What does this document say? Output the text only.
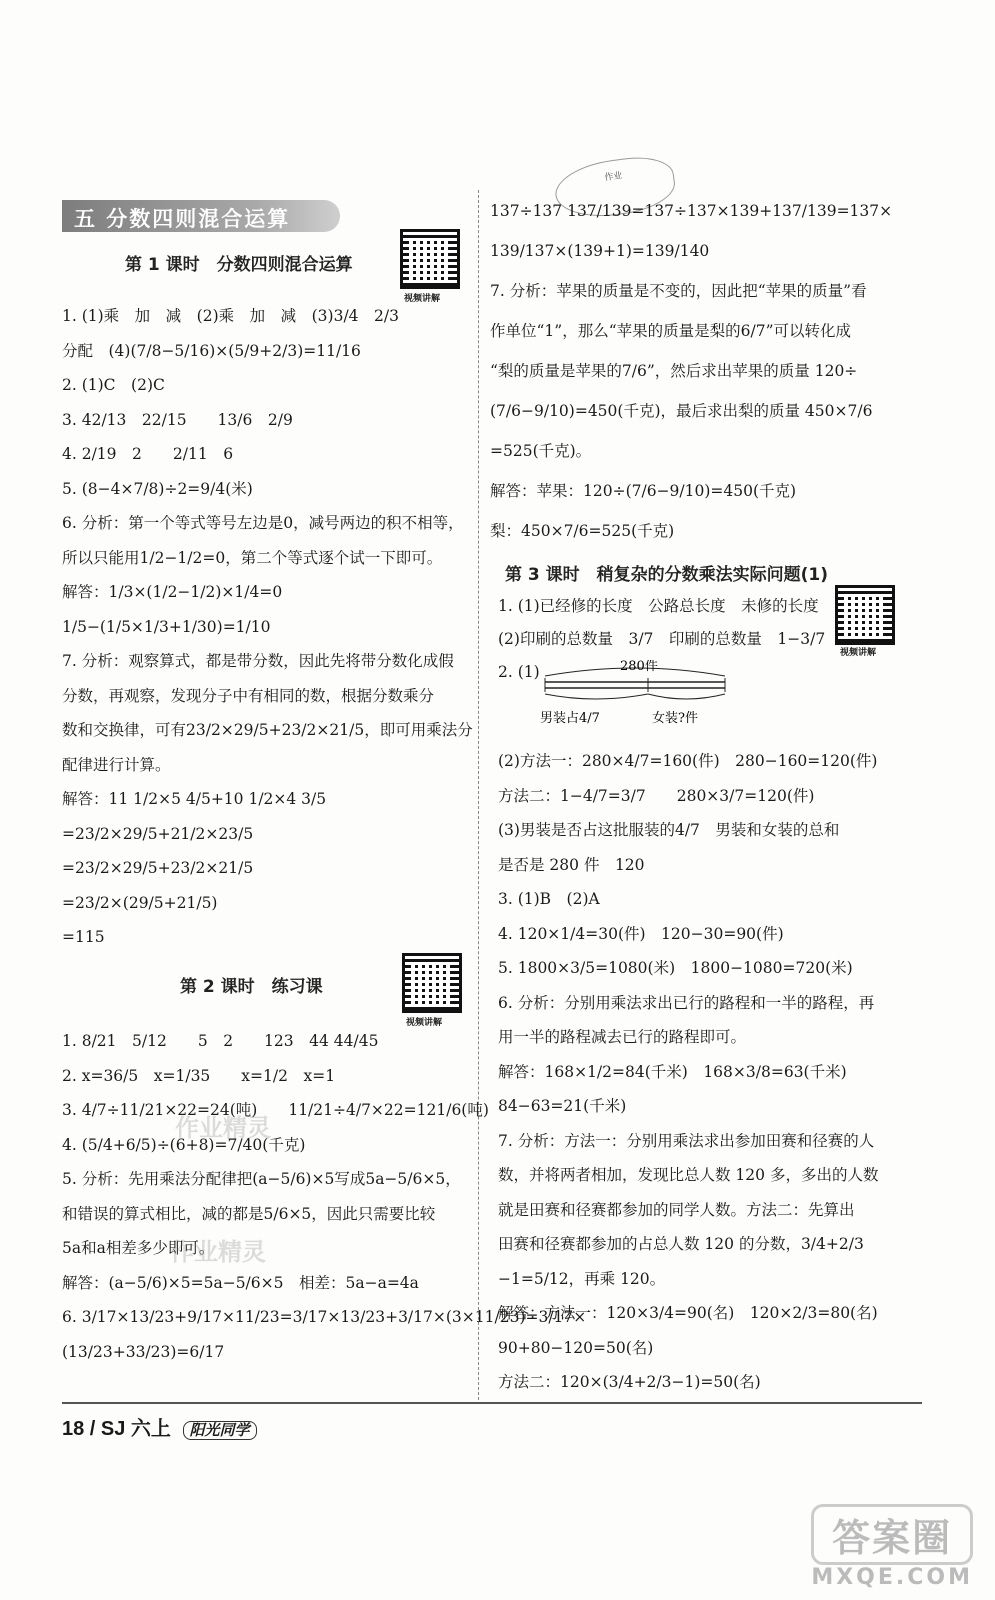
五 分数四则混合运算
视频讲解
视频讲解
视频讲解
作业
第 1 课时　分数四则混合运算
1. (1)乘　加　减　(2)乘　加　减　(3)3/4　2/3
分配　(4)(7/8−5/16)×(5/9+2/3)=11/16
2. (1)C　(2)C
3. 42/13　22/15　　13/6　2/9
4. 2/19　2　　2/11　6
5. (8−4×7/8)÷2=9/4(米)
6. 分析：第一个等式等号左边是0，减号两边的积不相等，
所以只能用1/2−1/2=0，第二个等式逐个试一下即可。
解答：1/3×(1/2−1/2)×1/4=0
1/5−(1/5×1/3+1/30)=1/10
7. 分析：观察算式，都是带分数，因此先将带分数化成假
分数，再观察，发现分子中有相同的数，根据分数乘分
数和交换律，可有23/2×29/5+23/2×21/5，即可用乘法分
配律进行计算。
解答：11 1/2×5 4/5+10 1/2×4 3/5
=23/2×29/5+21/2×23/5
=23/2×29/5+23/2×21/5
=23/2×(29/5+21/5)
=115
第 2 课时　练习课
1. 8/21　5/12　　5　2　　123　44 44/45
2. x=36/5　x=1/35　　x=1/2　x=1
3. 4/7÷11/21×22=24(吨)　　11/21÷4/7×22=121/6(吨)
4. (5/4+6/5)÷(6+8)=7/40(千克)
5. 分析：先用乘法分配律把(a−5/6)×5写成5a−5/6×5，
和错误的算式相比，减的都是5/6×5，因此只需要比较
5a和a相差多少即可。
解答：(a−5/6)×5=5a−5/6×5　相差：5a−a=4a
6. 3/17×13/23+9/17×11/23=3/17×13/23+3/17×(3×11/23)=3/17×
(13/23+33/23)=6/17
137÷137 137/139=137÷137×139+137/139=137×
139/137×(139+1)=139/140
7. 分析：苹果的质量是不变的，因此把“苹果的质量”看
作单位“1”，那么“苹果的质量是梨的6/7”可以转化成
“梨的质量是苹果的7/6”，然后求出苹果的质量 120÷
(7/6−9/10)=450(千克)，最后求出梨的质量 450×7/6
=525(千克)。
解答：苹果：120÷(7/6−9/10)=450(千克)
梨：450×7/6=525(千克)
第 3 课时　稍复杂的分数乘法实际问题(1)
1. (1)已经修的长度　公路总长度　未修的长度
(2)印刷的总数量　3/7　印刷的总数量　1−3/7
2. (1)	280件
男装占4/7	女装?件
(2)方法一：280×4/7=160(件)　280−160=120(件)
方法二：1−4/7=3/7　　280×3/7=120(件)
(3)男装是否占这批服装的4/7　男装和女装的总和
是否是 280 件　120
3. (1)B　(2)A
4. 120×1/4=30(件)　120−30=90(件)
5. 1800×3/5=1080(米)　1800−1080=720(米)
6. 分析：分别用乘法求出已行的路程和一半的路程，再
用一半的路程减去已行的路程即可。
解答：168×1/2=84(千米)　168×3/8=63(千米)
84−63=21(千米)
7. 分析：方法一：分别用乘法求出参加田赛和径赛的人
数，并将两者相加，发现比总人数 120 多，多出的人数
就是田赛和径赛都参加的同学人数。方法二：先算出
田赛和径赛都参加的占总人数 120 的分数，3/4+2/3
−1=5/12，再乘 120。
解答：方法一：120×3/4=90(名)　120×2/3=80(名)
90+80−120=50(名)
方法二：120×(3/4+2/3−1)=50(名)
作业精灵
作业精灵
18 / SJ 六上 阳光同学
答案圈
MXQE.COM
